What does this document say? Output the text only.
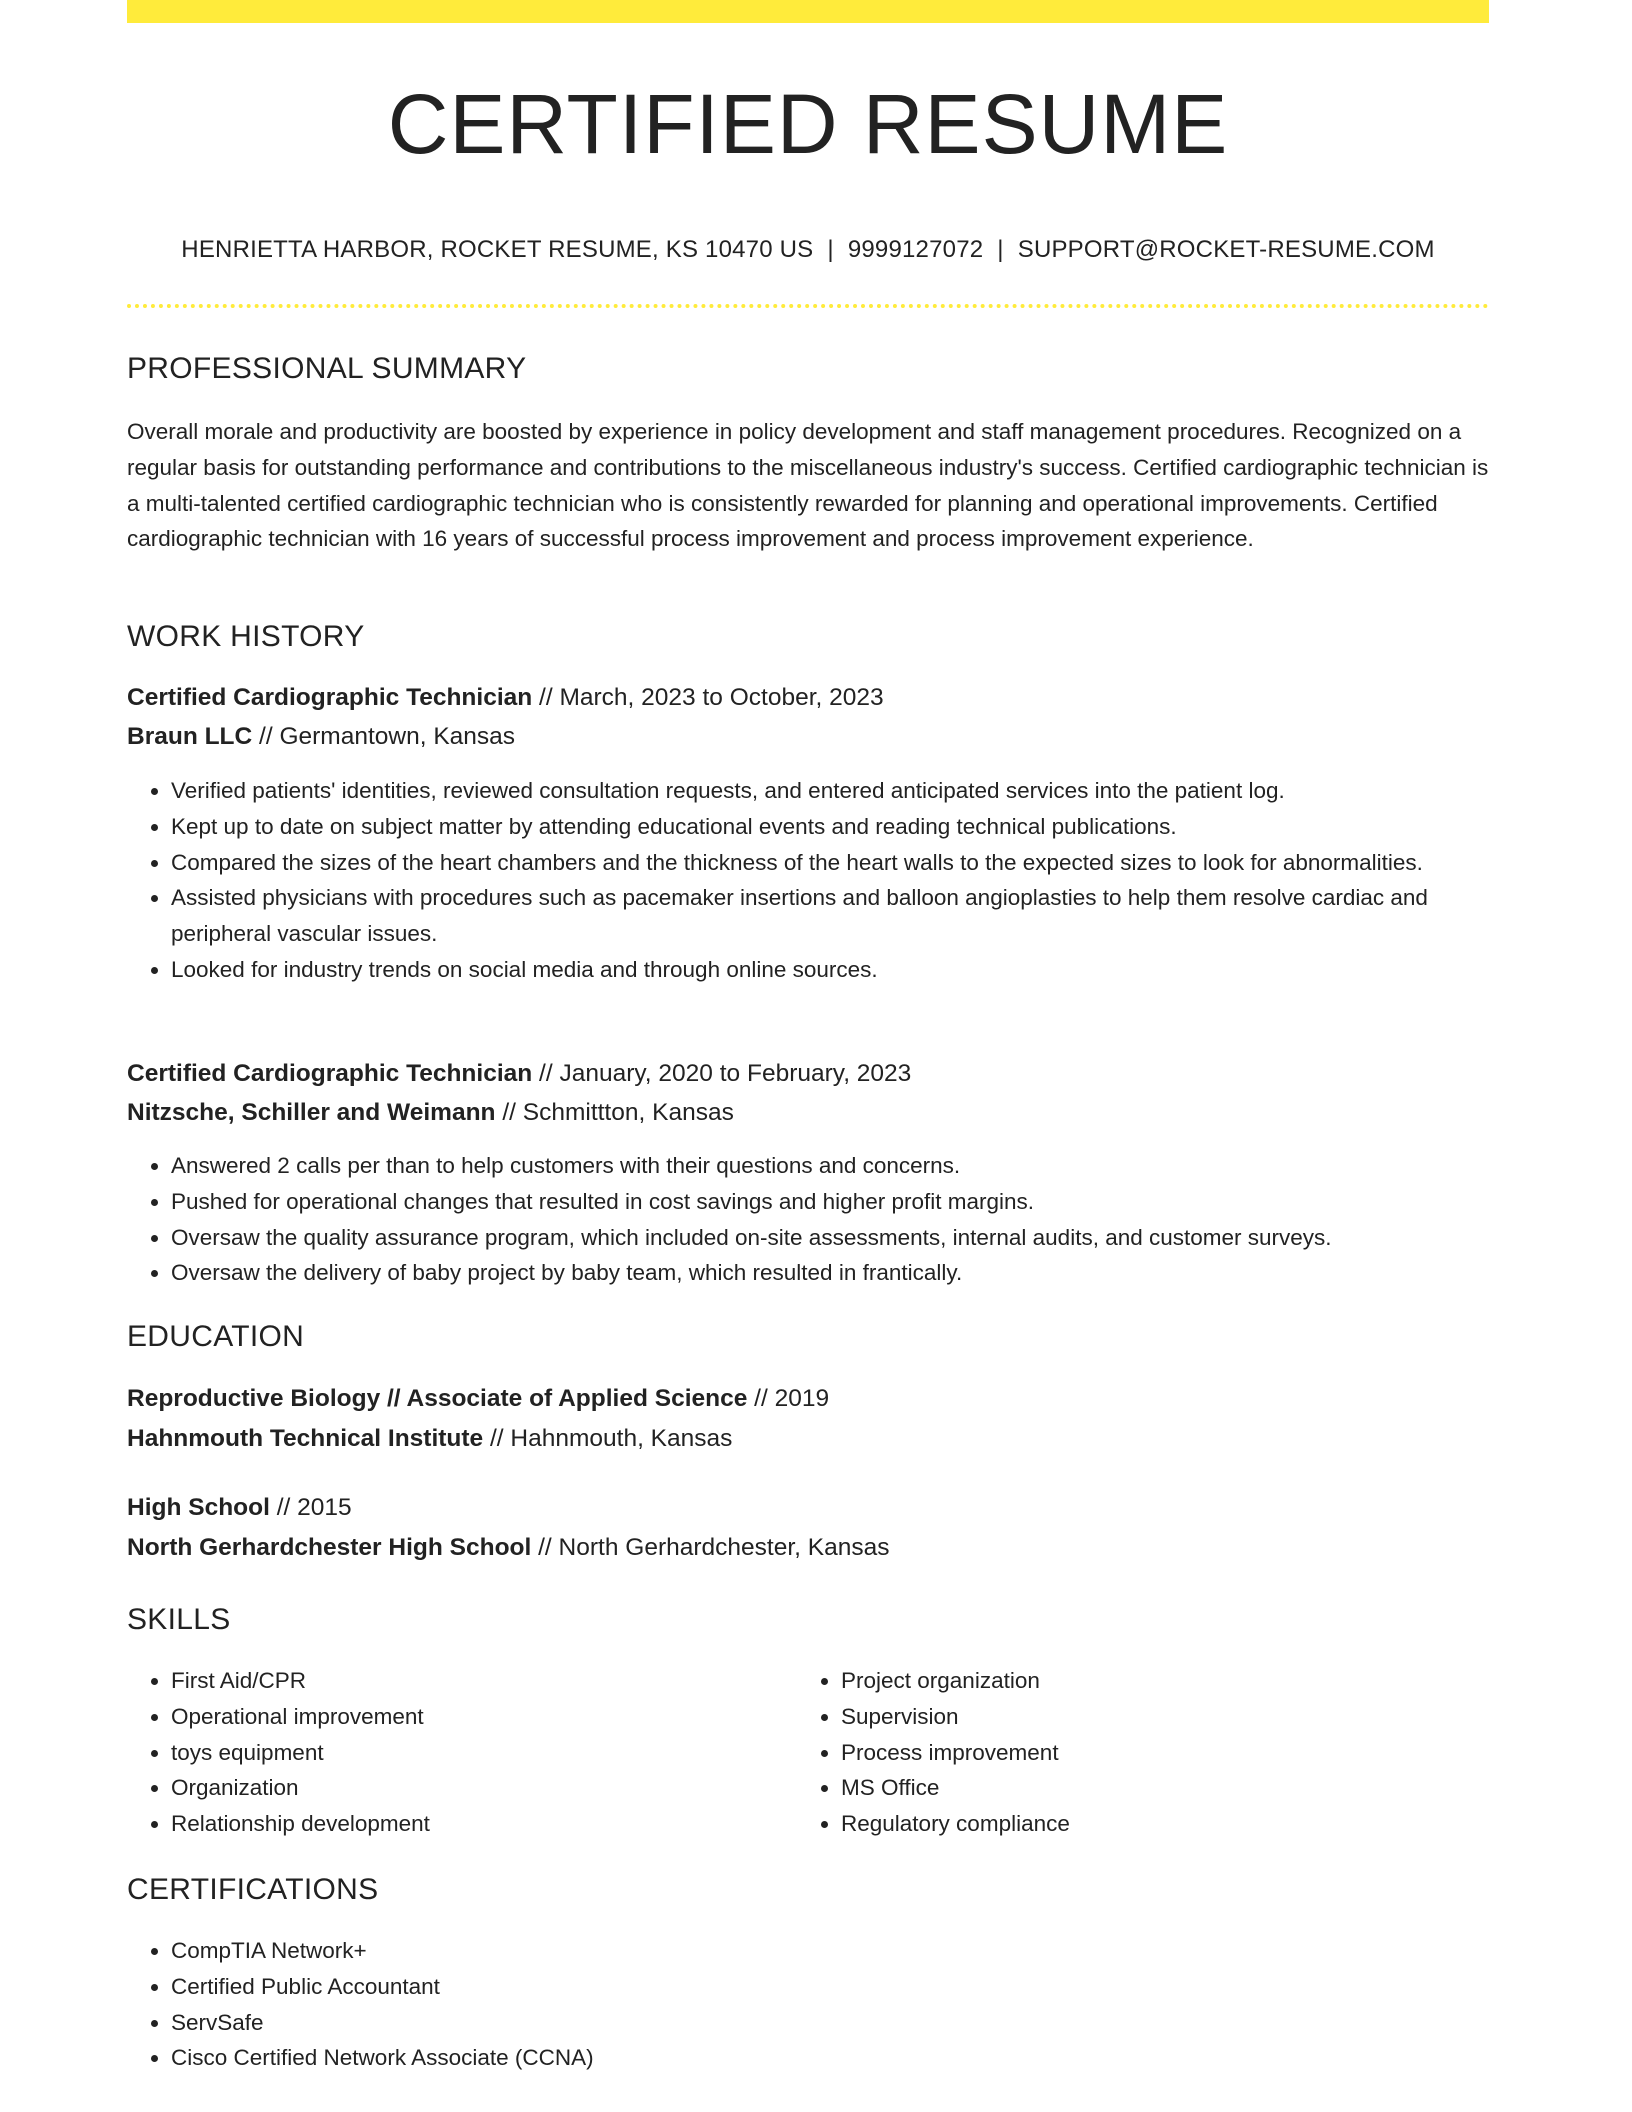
CERTIFIED RESUME
HENRIETTA HARBOR, ROCKET RESUME, KS 10470 US | 9999127072 | SUPPORT@ROCKET-RESUME.COM
PROFESSIONAL SUMMARY

Overall morale and productivity are boosted by experience in policy development and staff management procedures. Recognized on a regular basis for outstanding performance and contributions to the miscellaneous industry's success. Certified cardiographic technician is a multi-talented certified cardiographic technician who is consistently rewarded for planning and operational improvements. Certified cardiographic technician with 16 years of successful process improvement and process improvement experience.

WORK HISTORY
Certified Cardiographic Technician // March, 2023 to October, 2023
Braun LLC // Germantown, Kansas
• Verified patients' identities, reviewed consultation requests, and entered anticipated services into the patient log.
• Kept up to date on subject matter by attending educational events and reading technical publications.
• Compared the sizes of the heart chambers and the thickness of the heart walls to the expected sizes to look for abnormalities.
• Assisted physicians with procedures such as pacemaker insertions and balloon angioplasties to help them resolve cardiac and peripheral vascular issues.
• Looked for industry trends on social media and through online sources.
Certified Cardiographic Technician // January, 2020 to February, 2023
Nitzsche, Schiller and Weimann // Schmittton, Kansas
• Answered 2 calls per than to help customers with their questions and concerns.
• Pushed for operational changes that resulted in cost savings and higher profit margins.
• Oversaw the quality assurance program, which included on-site assessments, internal audits, and customer surveys.
• Oversaw the delivery of baby project by baby team, which resulted in frantically.
EDUCATION
Reproductive Biology // Associate of Applied Science // 2019
Hahnmouth Technical Institute // Hahnmouth, Kansas
High School // 2015
North Gerhardchester High School // North Gerhardchester, Kansas
SKILLS
• First Aid/CPR
• Operational improvement
• toys equipment
• Organization
• Relationship development
• Project organization
• Supervision
• Process improvement
• MS Office
• Regulatory compliance
CERTIFICATIONS
• CompTIA Network+
• Certified Public Accountant
• ServSafe
• Cisco Certified Network Associate (CCNA)
